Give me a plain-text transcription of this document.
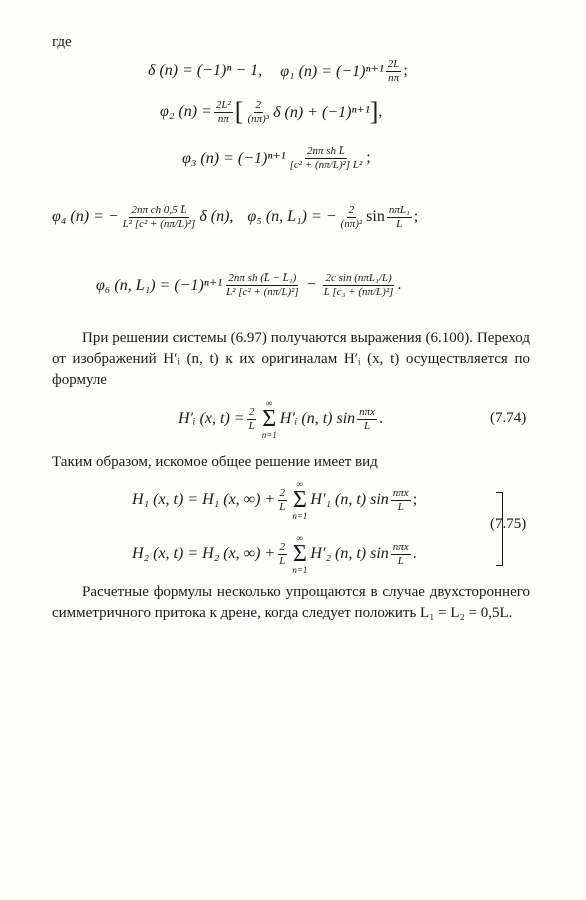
где
δ (n) = (−1)ⁿ − 1, φ₁ $(n) = (-1)^{n+1} \frac{2L}{n\pi}$ ;
φ₂ $(n) = \frac{\text{2L²}}{n\pi}$ [ $\frac{2}{\text{(nπ)³}}$ δ (n) + (−1)ⁿ⁺¹ ] ,
φ₃ $(n) = (-1)^{n+1} \frac{\text{2nπ sh L̄}}{\text{[c² + (nπ/L)²] L²}}$ ;
φ₄ (n) = − $\frac{\text{2nπ ch 0,5 L̄}}{\text{L² [c² + (nπ/L)²]}}$ δ (n), φ₅ (n, L₁) = − $\frac{2}{\text{(nπ)²}}$ $\sin \frac{\text{nπL₁}}{L}$ ;
φ₆ (n, $L_1) = (-1)^{n+1} \frac{\text{2nπ sh (L̄ − L̄₁)}}{\text{L² [c² + (nπ/L)²]}} - \frac{\text{2c sin (nπL₁/L)}}{\text{L [c₃ + (nπ/L)²]}}$ .
При решении системы (6.97) получаются выражения (6.100). Переход от изображений H′ᵢ (n, t) к их оригиналам H′ᵢ (x, t) осуществляется по формуле
H′ᵢ (x, $t) = \frac{2}{L}$
∞
Σ
n=1
H′ᵢ (n, t) $\sin \frac{\text{nπx}}{L}$ .	(7.74)
Таким образом, искомое общее решение имеет вид
H₁ (x, t) = H₁ (x, ∞) + $\frac{2}{L}$
∞
Σ
n=1
H′₁ (n, t) $\sin \frac{\text{nπx}}{L}$ ;
H₂ (x, t) = H₂ (x, ∞) + $\frac{2}{L}$
∞
Σ
n=1
H′₂ (n, t) $\sin \frac{\text{nπx}}{L}$ .
(7.75)
Расчетные формулы несколько упрощаются в случае двухстороннего симметричного притока к дрене, когда следует положить L₁ = L₂ = 0,5L.
